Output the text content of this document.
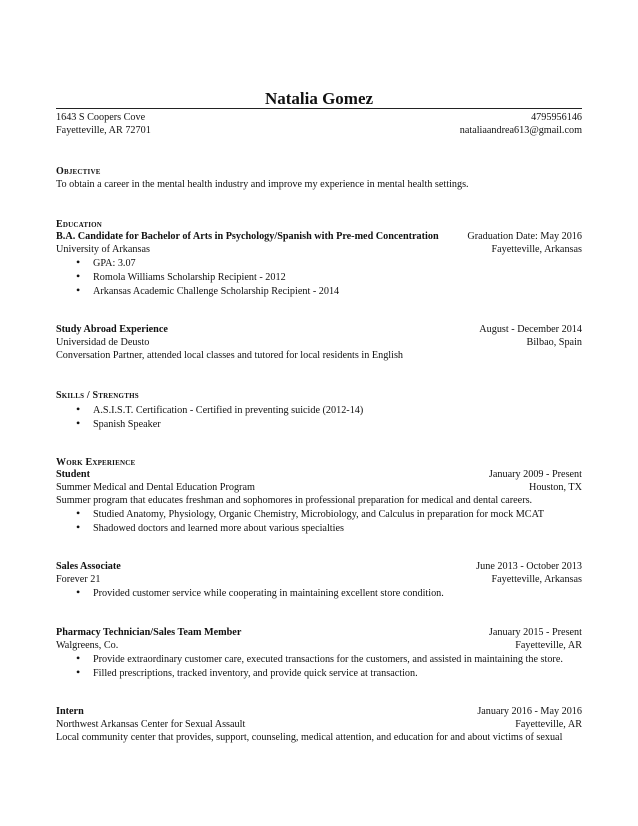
Natalia Gomez
1643 S Coopers Cove	4795956146
Fayetteville, AR 72701	nataliaandrea613@gmail.com
Objective
To obtain a career in the mental health industry and improve my experience in mental health settings.
Education
B.A. Candidate for Bachelor of Arts in Psychology/Spanish with Pre-med Concentration	Graduation Date: May 2016
University of Arkansas	Fayetteville, Arkansas
• GPA: 3.07
• Romola Williams Scholarship Recipient - 2012
• Arkansas Academic Challenge Scholarship Recipient - 2014
Study Abroad Experience	August - December 2014
Universidad de Deusto	Bilbao, Spain
Conversation Partner, attended local classes and tutored for local residents in English
Skills / Strengths
• A.S.I.S.T. Certification - Certified in preventing suicide (2012-14)
• Spanish Speaker
Work Experience
Student	January 2009 - Present
Summer Medical and Dental Education Program	Houston, TX
Summer program that educates freshman and sophomores in professional preparation for medical and dental careers.
• Studied Anatomy, Physiology, Organic Chemistry, Microbiology, and Calculus in preparation for mock MCAT
• Shadowed doctors and learned more about various specialties
Sales Associate	June 2013 - October 2013
Forever 21	Fayetteville, Arkansas
• Provided customer service while cooperating in maintaining excellent store condition.
Pharmacy Technician/Sales Team Member	January 2015 - Present
Walgreens, Co.	Fayetteville, AR
• Provide extraordinary customer care, executed transactions for the customers, and assisted in maintaining the store.
• Filled prescriptions, tracked inventory, and provide quick service at transaction.
Intern	January 2016 - May 2016
Northwest Arkansas Center for Sexual Assault	Fayetteville, AR
Local community center that provides, support, counseling, medical attention, and education for and about victims of sexual
